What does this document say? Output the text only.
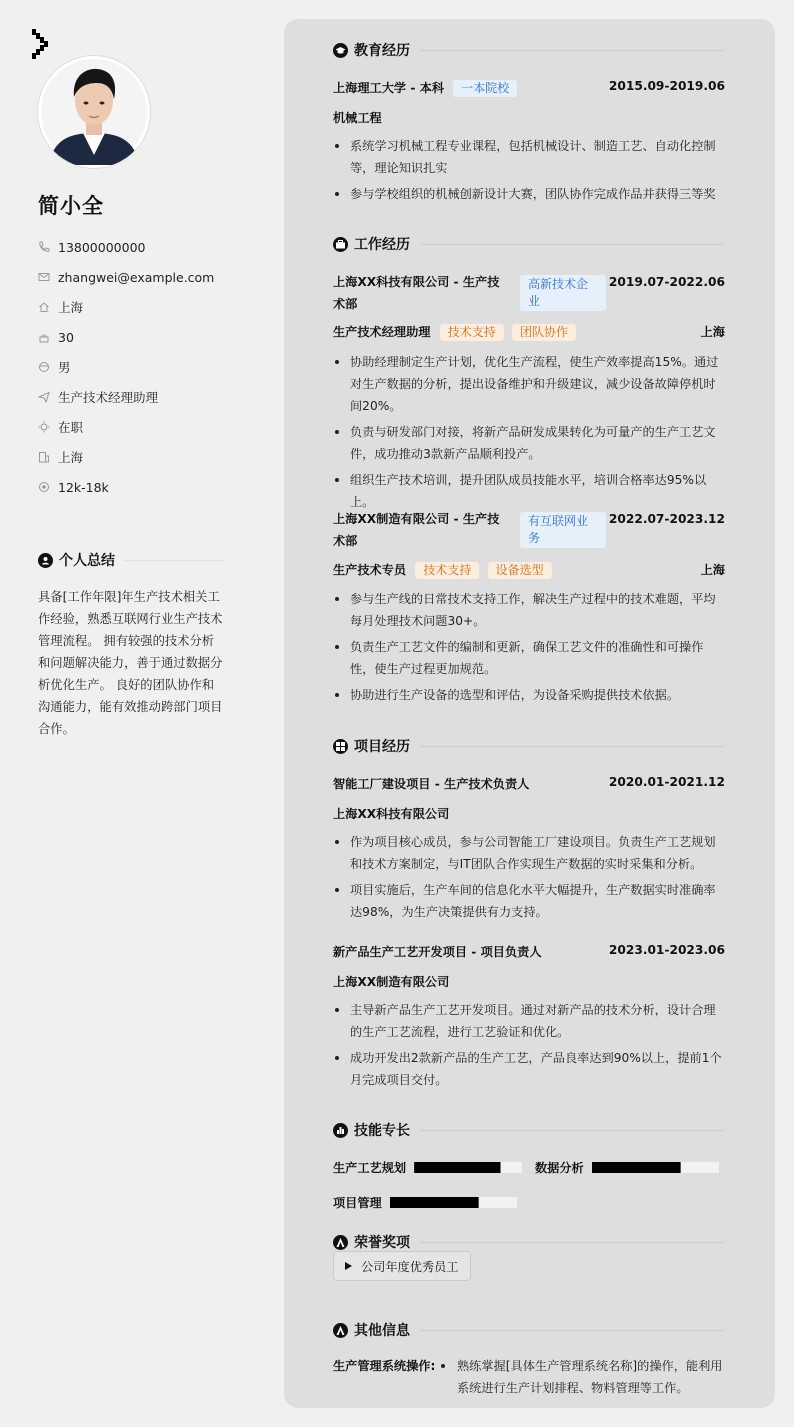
简小全
13800000000
zhangwei@example.com
上海
30
男
生产技术经理助理
在职
上海
12k-18k
个人总结
具备[工作年限]年生产技术相关工作经验，熟悉互联网行业生产技术管理流程。 拥有较强的技术分析和问题解决能力，善于通过数据分析优化生产。 良好的团队协作和沟通能力，能有效推动跨部门项目合作。
教育经历
上海理工大学 - 本科 一本院校	2015.09-2019.06
机械工程
系统学习机械工程专业课程，包括机械设计、制造工艺、自动化控制等，理论知识扎实
参与学校组织的机械创新设计大赛，团队协作完成作品并获得三等奖
工作经历
上海XX科技有限公司 - 生产技术部
高新技术企业
2019.07-2022.06
生产技术经理助理 技术支持 团队协作	上海
协助经理制定生产计划，优化生产流程，使生产效率提高15%。通过对生产数据的分析，提出设备维护和升级建议，减少设备故障停机时间20%。
负责与研发部门对接，将新产品研发成果转化为可量产的生产工艺文件，成功推动3款新产品顺利投产。
组织生产技术培训，提升团队成员技能水平，培训合格率达95%以上。
上海XX制造有限公司 - 生产技术部
有互联网业务
2022.07-2023.12
生产技术专员 技术支持 设备选型	上海
参与生产线的日常技术支持工作，解决生产过程中的技术难题，平均每月处理技术问题30+。
负责生产工艺文件的编制和更新，确保工艺文件的准确性和可操作性，使生产过程更加规范。
协助进行生产设备的选型和评估，为设备采购提供技术依据。
项目经历
智能工厂建设项目 - 生产技术负责人	2020.01-2021.12
上海XX科技有限公司
作为项目核心成员，参与公司智能工厂建设项目。负责生产工艺规划和技术方案制定，与IT团队合作实现生产数据的实时采集和分析。
项目实施后，生产车间的信息化水平大幅提升，生产数据实时准确率达98%，为生产决策提供有力支持。
新产品生产工艺开发项目 - 项目负责人	2023.01-2023.06
上海XX制造有限公司
主导新产品生产工艺开发项目。通过对新产品的技术分析，设计合理的生产工艺流程，进行工艺验证和优化。
成功开发出2款新产品的生产工艺，产品良率达到90%以上，提前1个月完成项目交付。
技能专长
生产工艺规划	数据分析
项目管理
荣誉奖项
公司年度优秀员工
其他信息
生产管理系统操作:	熟练掌握[具体生产管理系统名称]的操作，能利用系统进行生产计划排程、物料管理等工作。
